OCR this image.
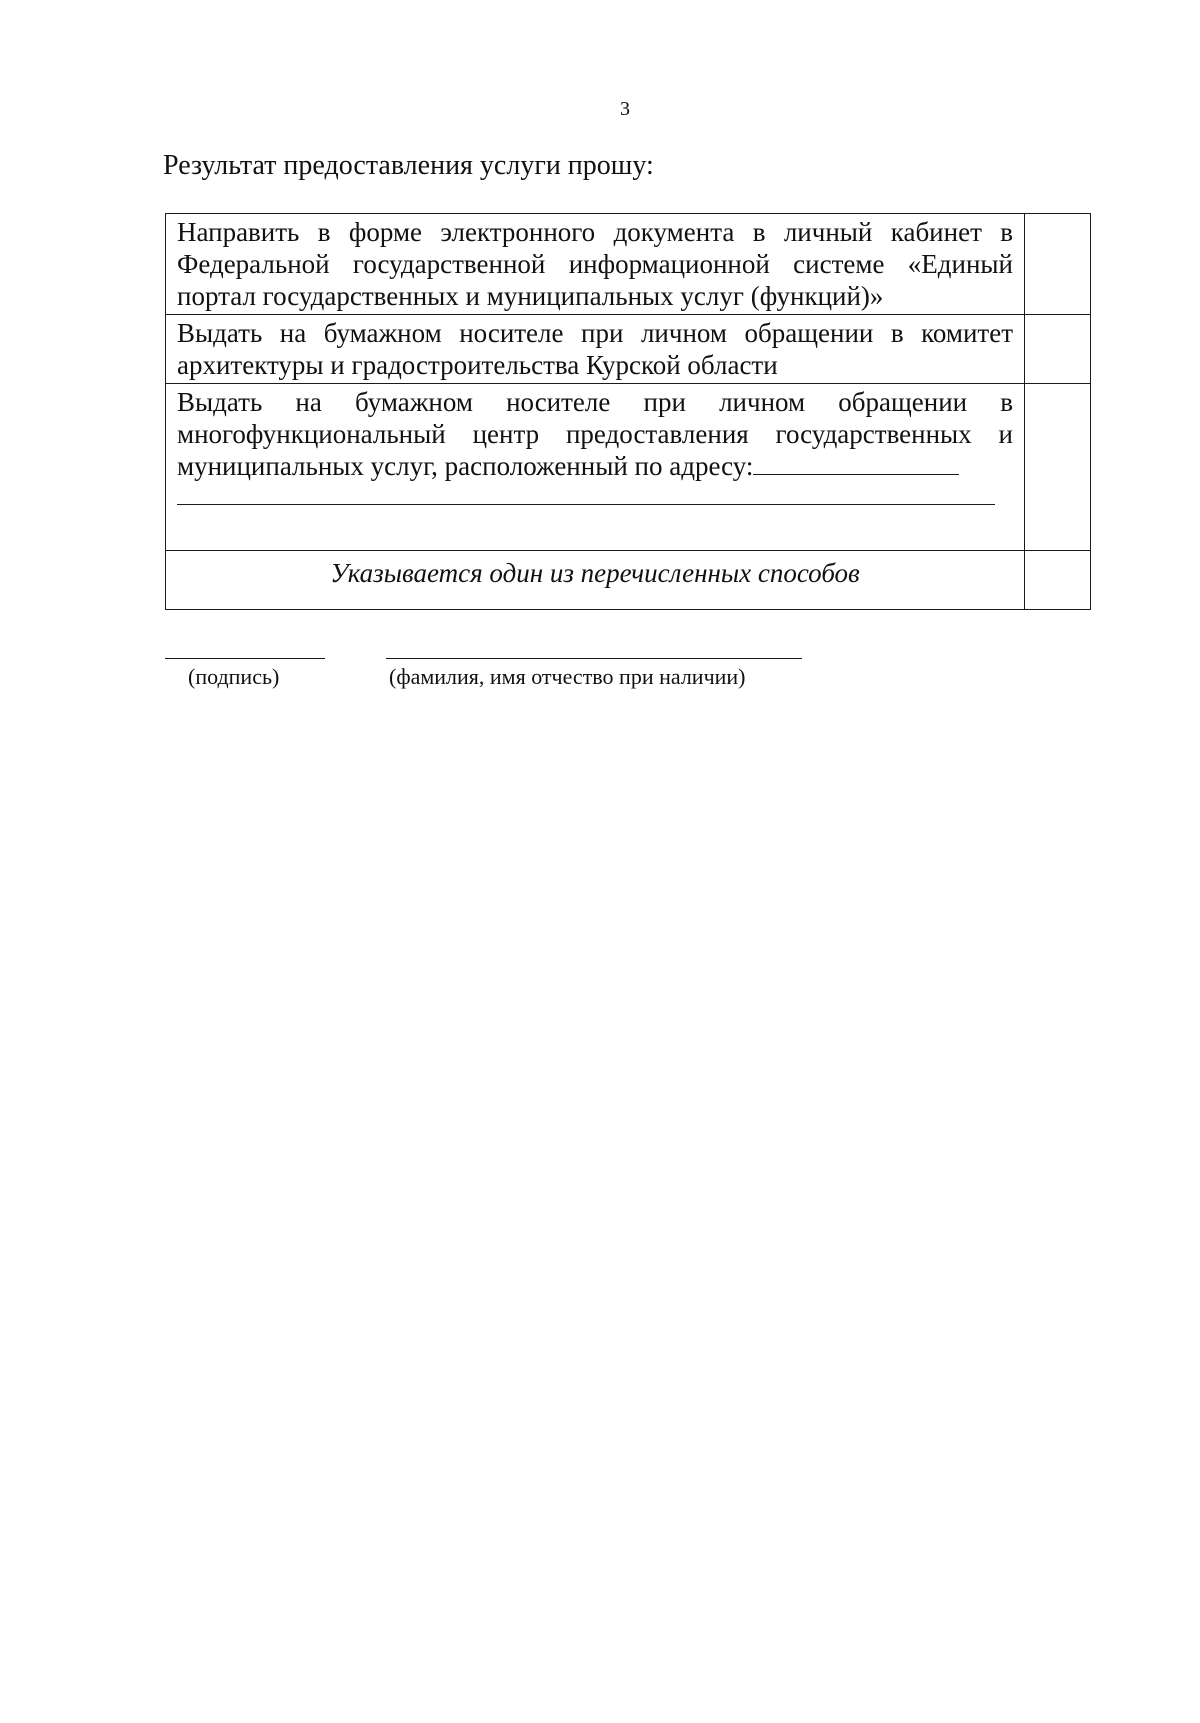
3
Результат предоставления услуги прошу:
Направить в форме электронного документа в личный кабинет в Федеральной государственной информационной системе «Единый портал государственных и муниципальных услуг (функций)»	
Выдать на бумажном носителе при личном обращении в комитет архитектуры и градостроительства Курской области	
Выдать на бумажном носителе при личном обращении в многофункциональный центр предоставления государственных и муниципальных услуг, расположенный по адресу:

Указывается один из перечисленных способов	
(подпись)	(фамилия, имя отчество при наличии)
